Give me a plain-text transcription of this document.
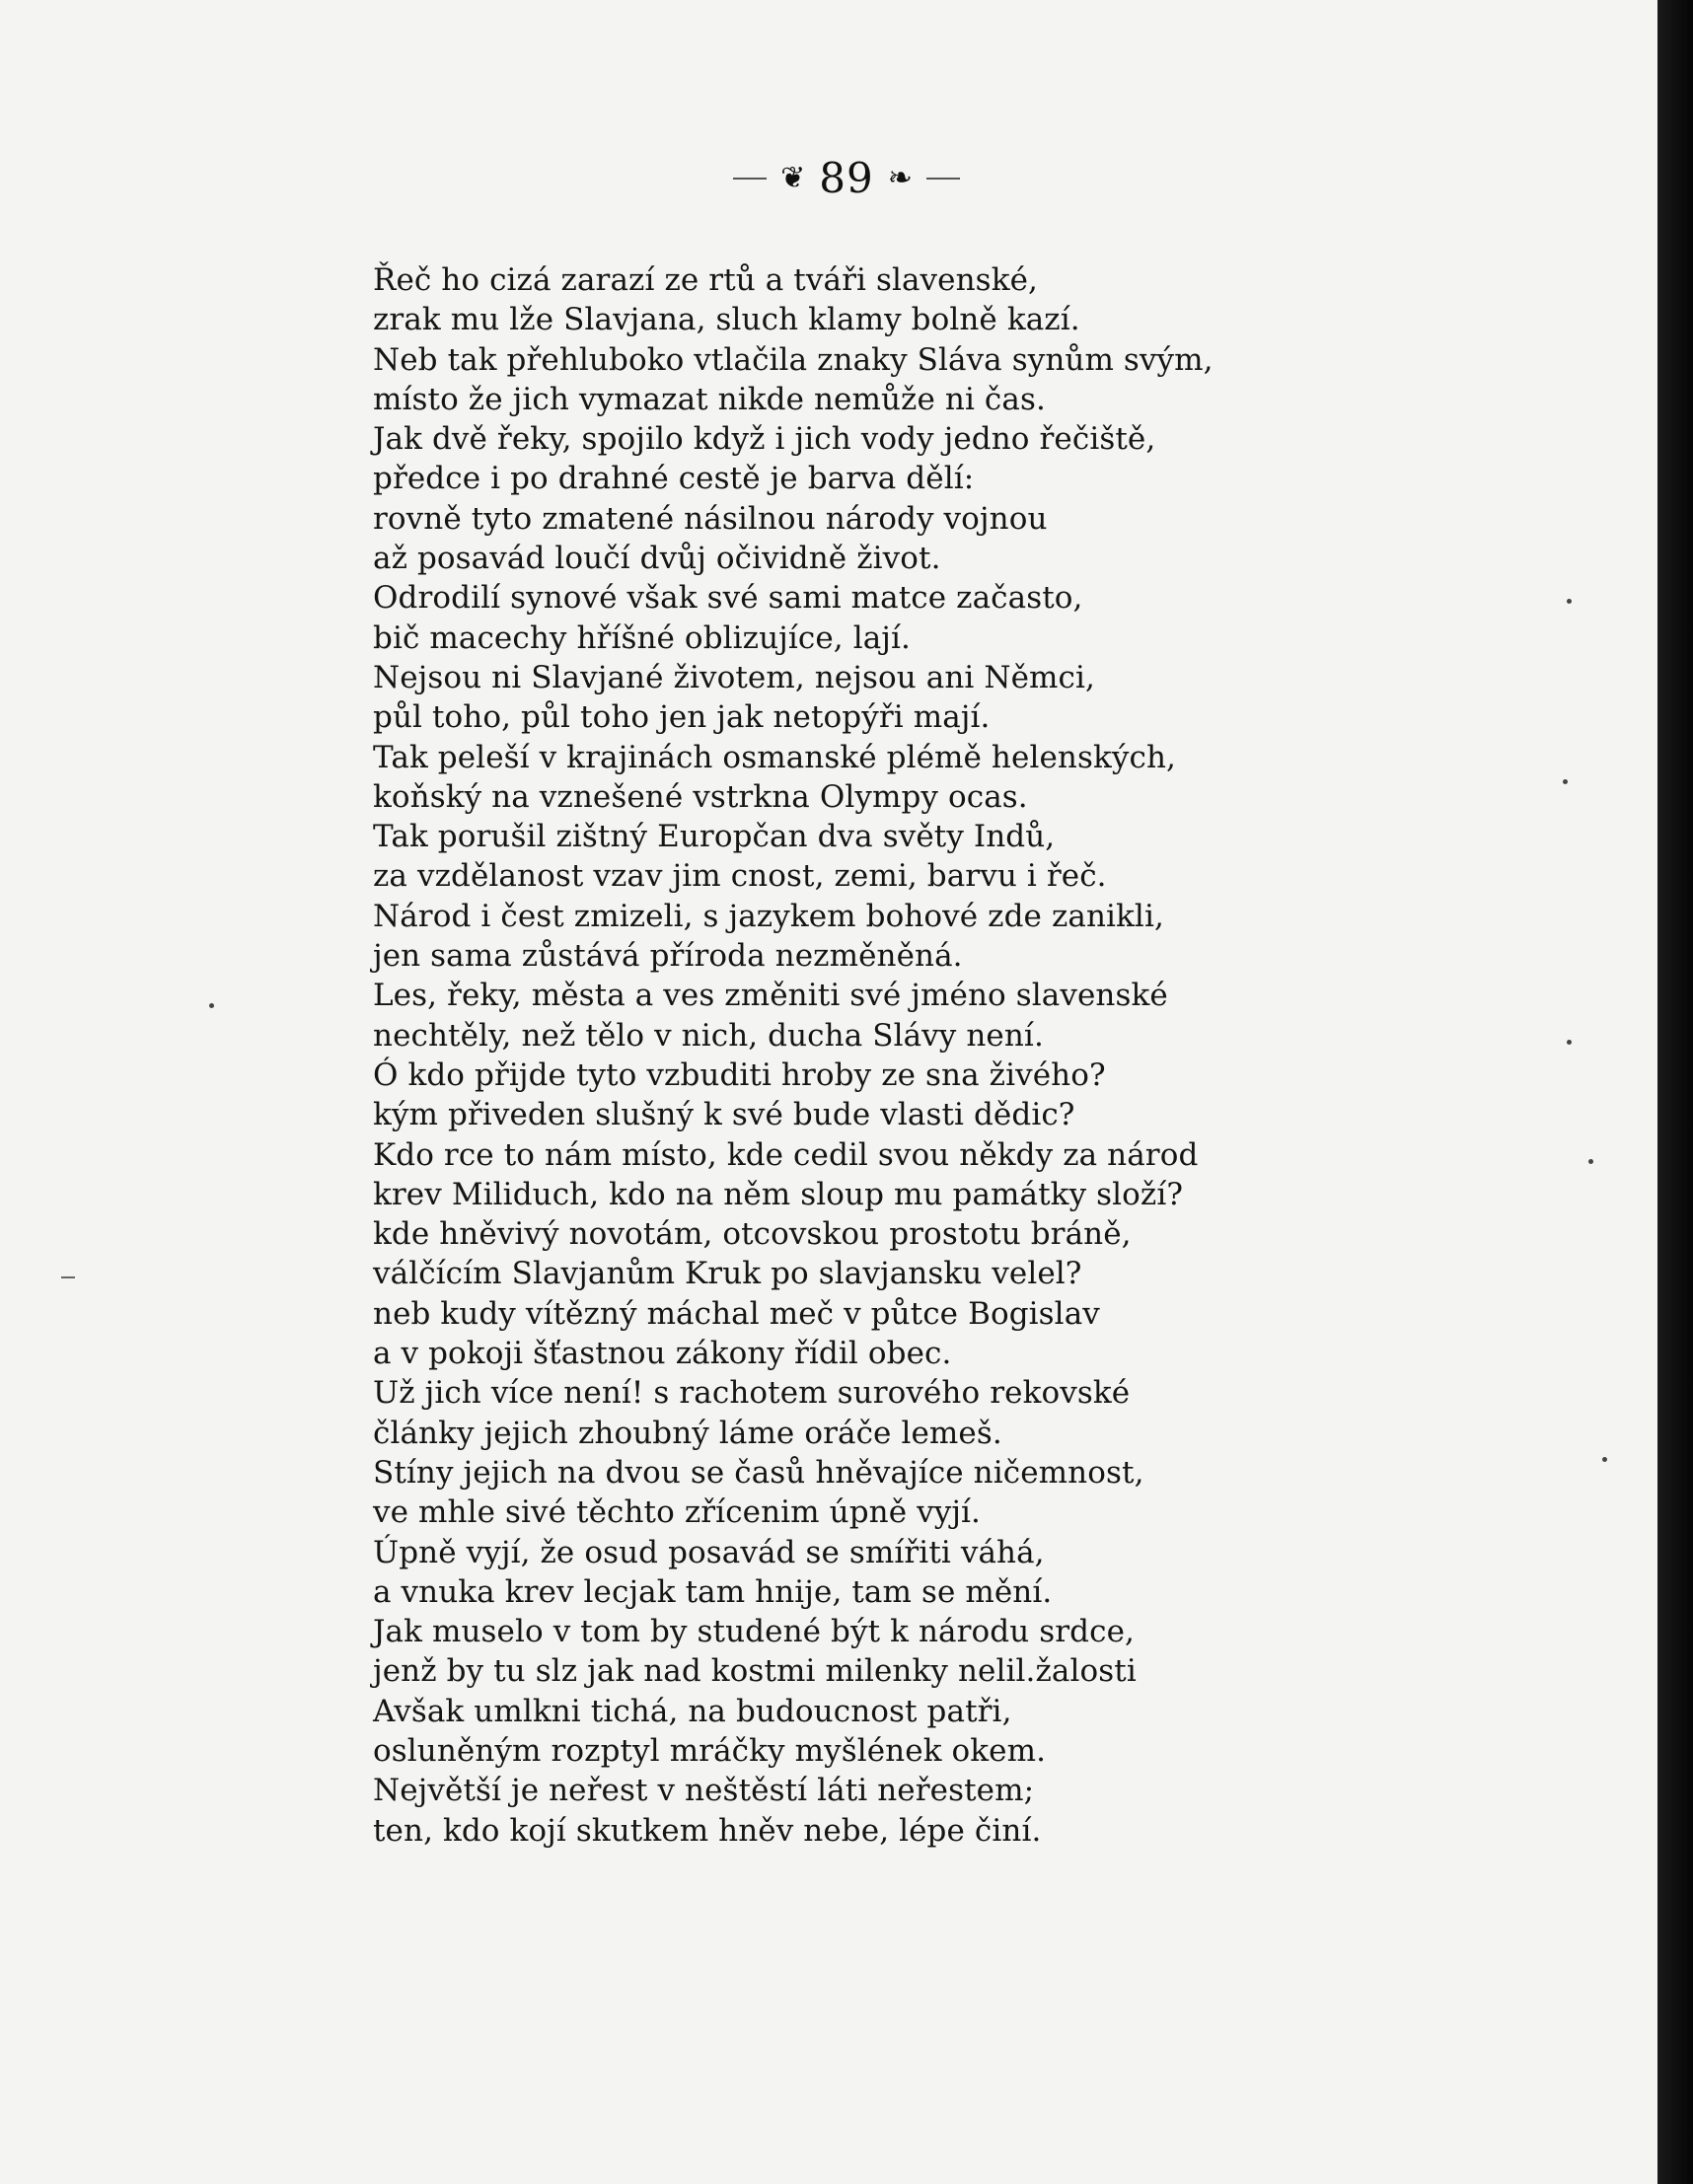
❦ 89 ❧
Řeč ho cizá zarazí ze rtů a tváři slavenské,
zrak mu lže Slavjana, sluch klamy bolně kazí.
Neb tak přehluboko vtlačila znaky Sláva synům svým,
místo že jich vymazat nikde nemůže ni čas.
Jak dvě řeky, spojilo když i jich vody jedno řečiště,
předce i po drahné cestě je barva dělí:
rovně tyto zmatené násilnou národy vojnou
až posavád loučí dvůj očividně život.
Odrodilí synové však své sami matce začasto,
bič macechy hříšné oblizujíce, lají.
Nejsou ni Slavjané životem, nejsou ani Němci,
půl toho, půl toho jen jak netopýři mají.
Tak peleší v krajinách osmanské plémě helenských,
koňský na vznešené vstrkna Olympy ocas.
Tak porušil zištný Europčan dva světy Indů,
za vzdělanost vzav jim cnost, zemi, barvu i řeč.
Národ i čest zmizeli, s jazykem bohové zde zanikli,
jen sama zůstává příroda nezměněná.
Les, řeky, města a ves změniti své jméno slavenské
nechtěly, než tělo v nich, ducha Slávy není.
Ó kdo přijde tyto vzbuditi hroby ze sna živého?
kým přiveden slušný k své bude vlasti dědic?
Kdo rce to nám místo, kde cedil svou někdy za národ
krev Miliduch, kdo na něm sloup mu památky složí?
kde hněvivý novotám, otcovskou prostotu bráně,
válčícím Slavjanům Kruk po slavjansku velel?
neb kudy vítězný máchal meč v půtce Bogislav
a v pokoji šťastnou zákony řídil obec.
Už jich více není! s rachotem surového rekovské
články jejich zhoubný láme oráče lemeš.
Stíny jejich na dvou se časů hněvajíce ničemnost,
ve mhle sivé těchto zřícenim úpně vyjí.
Úpně vyjí, že osud posavád se smířiti váhá,
a vnuka krev lecjak tam hnije, tam se mění.
Jak muselo v tom by studené být k národu srdce,
jenž by tu slz jak nad kostmi milenky nelil.žalosti
Avšak umlkni tichá, na budoucnost patři,
osluněným rozptyl mráčky myšlének okem.
Největší je neřest v neštěstí láti neřestem;
ten, kdo kojí skutkem hněv nebe, lépe činí.
